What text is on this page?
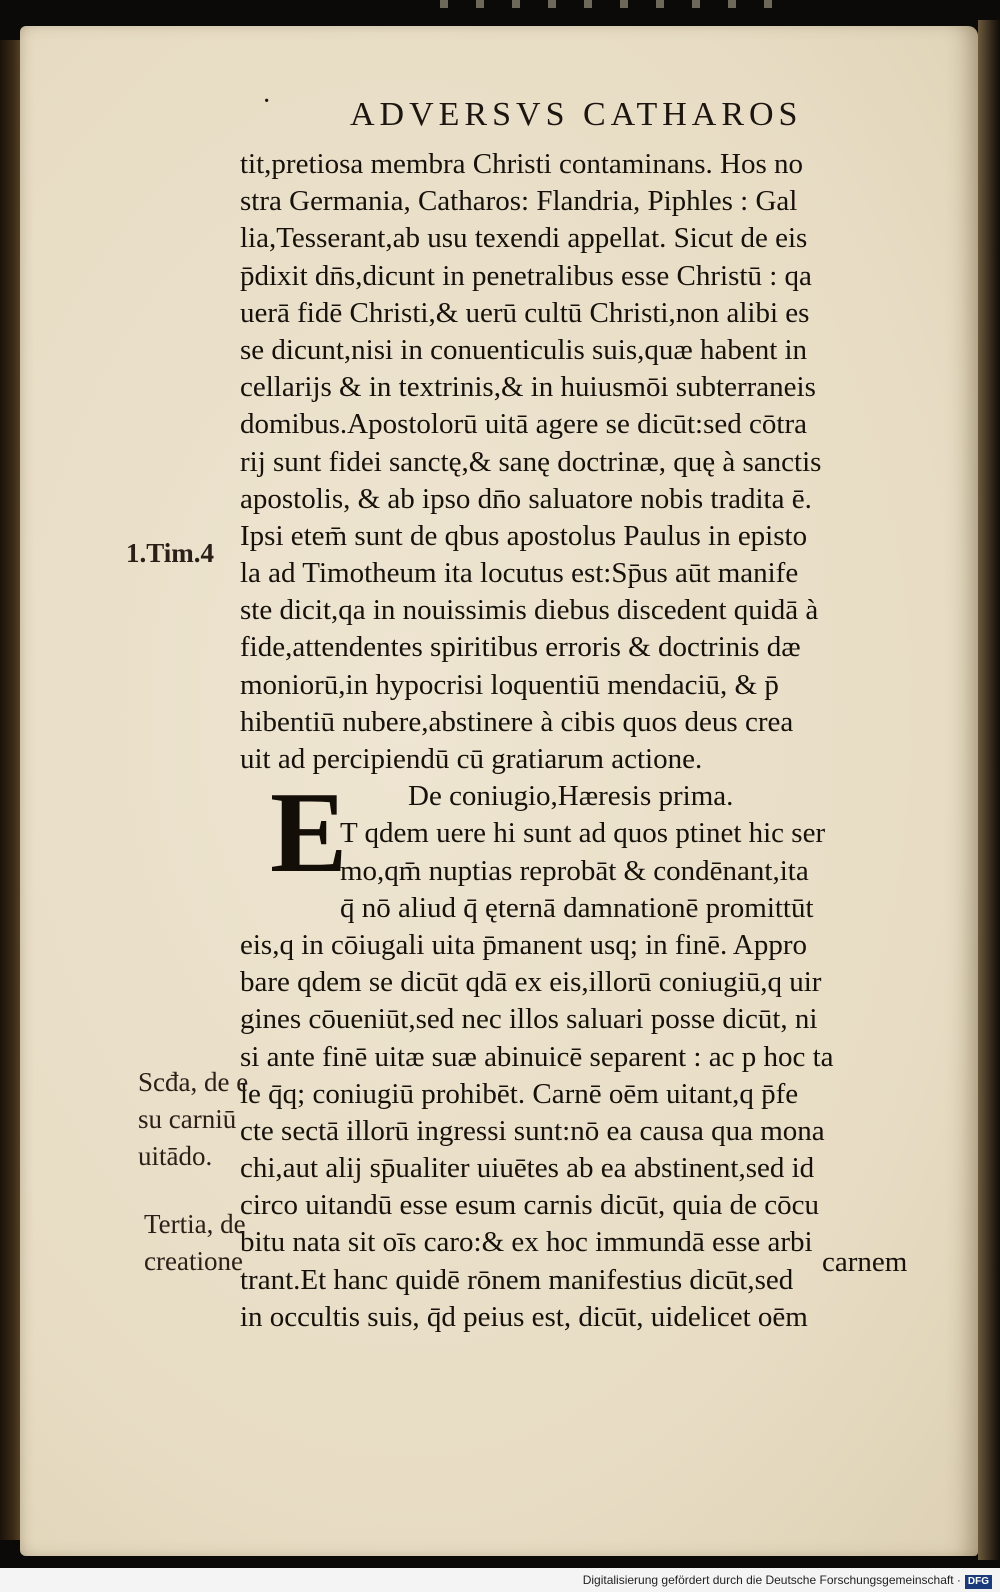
· ADVERSVS CATHAROS
tit,pretiosa membra Christi contaminans. Hos no
stra Germania, Catharos: Flandria, Piphles : Gal
lia,Tesserant,ab usu texendi appellat. Sicut de eis
p̄dixit dn̄s,dicunt in penetralibus esse Christū : qa
uerā fidē Christi,& uerū cultū Christi,non alibi es
se dicunt,nisi in conuenticulis suis,quæ habent in
cellarijs & in textrinis,& in huiusmōi subterraneis
domibus.Apostolorū uitā agere se dicūt:sed cōtra
rij sunt fidei sanctę,& sanę doctrinæ, quę à sanctis
apostolis, & ab ipso dn̄o saluatore nobis tradita ē.
Ipsi etem̄ sunt de qbus apostolus Paulus in episto
la ad Timotheum ita locutus est:Sp̄us aūt manife
ste dicit,qa in nouissimis diebus discedent quidā à
fide,attendentes spiritibus erroris & doctrinis dæ
moniorū,in hypocrisi loquentiū mendaciū, & p̄
hibentiū nubere,abstinere à cibis quos deus crea
uit ad percipiendū cū gratiarum actione.
De coniugio,Hæresis prima.
T qdem uere hi sunt ad quos ptinet hic ser
mo,qm̄ nuptias reprobāt & condēnant,ita
q̄ nō aliud q̄ ęternā damnationē promittūt
eis,q in cōiugali uita p̄manent usq; in finē. Appro
bare qdem se dicūt qdā ex eis,illorū coniugiū,q uir
gines cōueniūt,sed nec illos saluari posse dicūt, ni
si ante finē uitæ suæ abinuicē separent : ac p hoc ta
le q̄q; coniugiū prohibēt. Carnē oēm uitant,q p̄fe
cte sectā illorū ingressi sunt:nō ea causa qua mona
chi,aut alij sp̄ualiter uiuētes ab ea abstinent,sed id
circo uitandū esse esum carnis dicūt, quia de cōcu
bitu nata sit oīs caro:& ex hoc immundā esse arbi
trant.Et hanc quidē rōnem manifestius dicūt,sed
in occultis suis, q̄d peius est, dicūt, uidelicet oēm
E
1.Tim.4
Scđa, de e
su carniū
uitādo.
Tertia, de
creatione	carnem
Digitalisierung gefördert durch die Deutsche Forschungsgemeinschaft · DFG
